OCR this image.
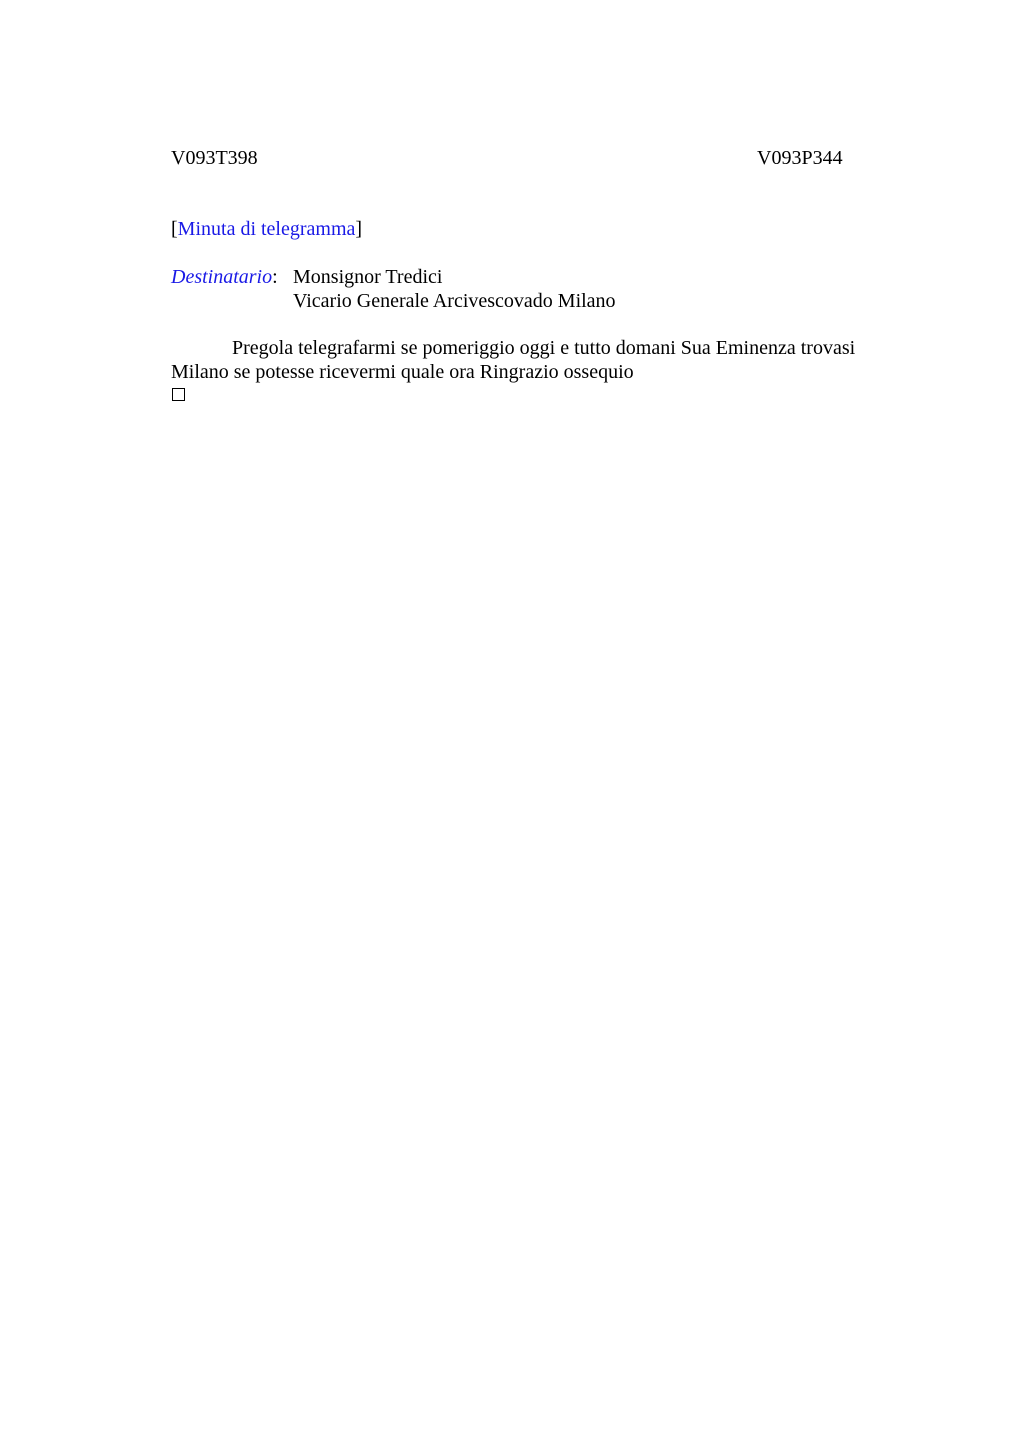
V093T398	V093P344
[Minuta di telegramma]
Destinatario: Monsignor Tredici
Vicario Generale Arcivescovado Milano
Pregola telegrafarmi se pomeriggio oggi e tutto domani Sua Eminenza trovasi Milano se potesse ricevermi quale ora Ringrazio ossequio
